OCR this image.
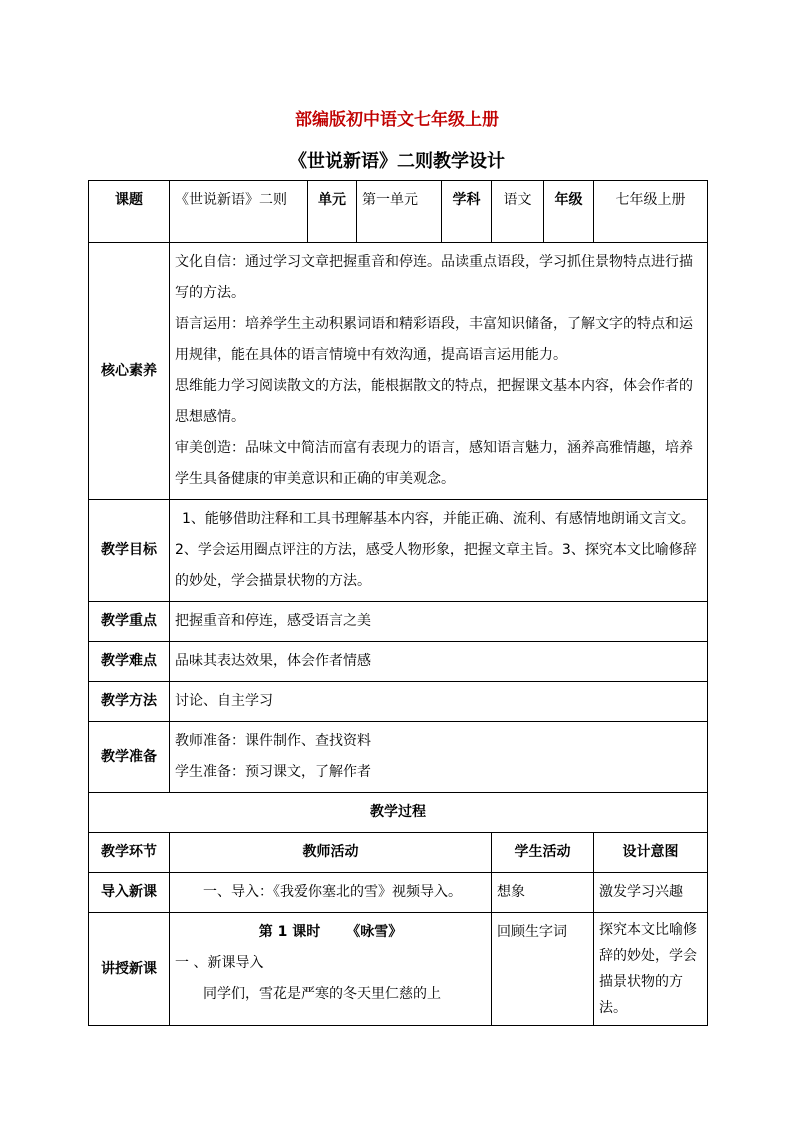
部编版初中语文七年级上册
《世说新语》二则教学设计
课题	《世说新语》二则	单元	第一单元	学科	语文	年级	七年级上册
核心素养	文化自信：通过学习文章把握重音和停连。品读重点语段，学习抓住景物特点进行描写的方法。
语言运用：培养学生主动积累词语和精彩语段，丰富知识储备，了解文字的特点和运用规律，能在具体的语言情境中有效沟通，提高语言运用能力。
思维能力学习阅读散文的方法，能根据散文的特点，把握课文基本内容，体会作者的思想感情。
审美创造：品味文中简洁而富有表现力的语言，感知语言魅力，涵养高雅情趣，培养学生具备健康的审美意识和正确的审美观念。						

教学目标	1、能够借助注释和工具书理解基本内容，并能正确、流利、有感情地朗诵文言文。 2、学会运用圈点评注的方法，感受人物形象，把握文章主旨。3、探究本文比喻修辞的妙处，学会描景状物的方法。						
教学重点	把握重音和停连，感受语言之美						
教学难点	品味其表达效果，体会作者情感						
教学方法	讨论、自主学习						
教学准备	教师准备：课件制作、查找资料
学生准备：预习课文，了解作者						

教学过程							
教学环节	教师活动				学生活动		设计意图
导入新课	一、导入：《我爱你塞北的雪》视频导入。				想象		激发学习兴趣
讲授新课	第 1 课时 《咏雪》
一 、新课导入
同学们，雪花是严寒的冬天里仁慈的上				回顾生字词		探究本文比喻修辞的妙处，学会描景状物的方法。
